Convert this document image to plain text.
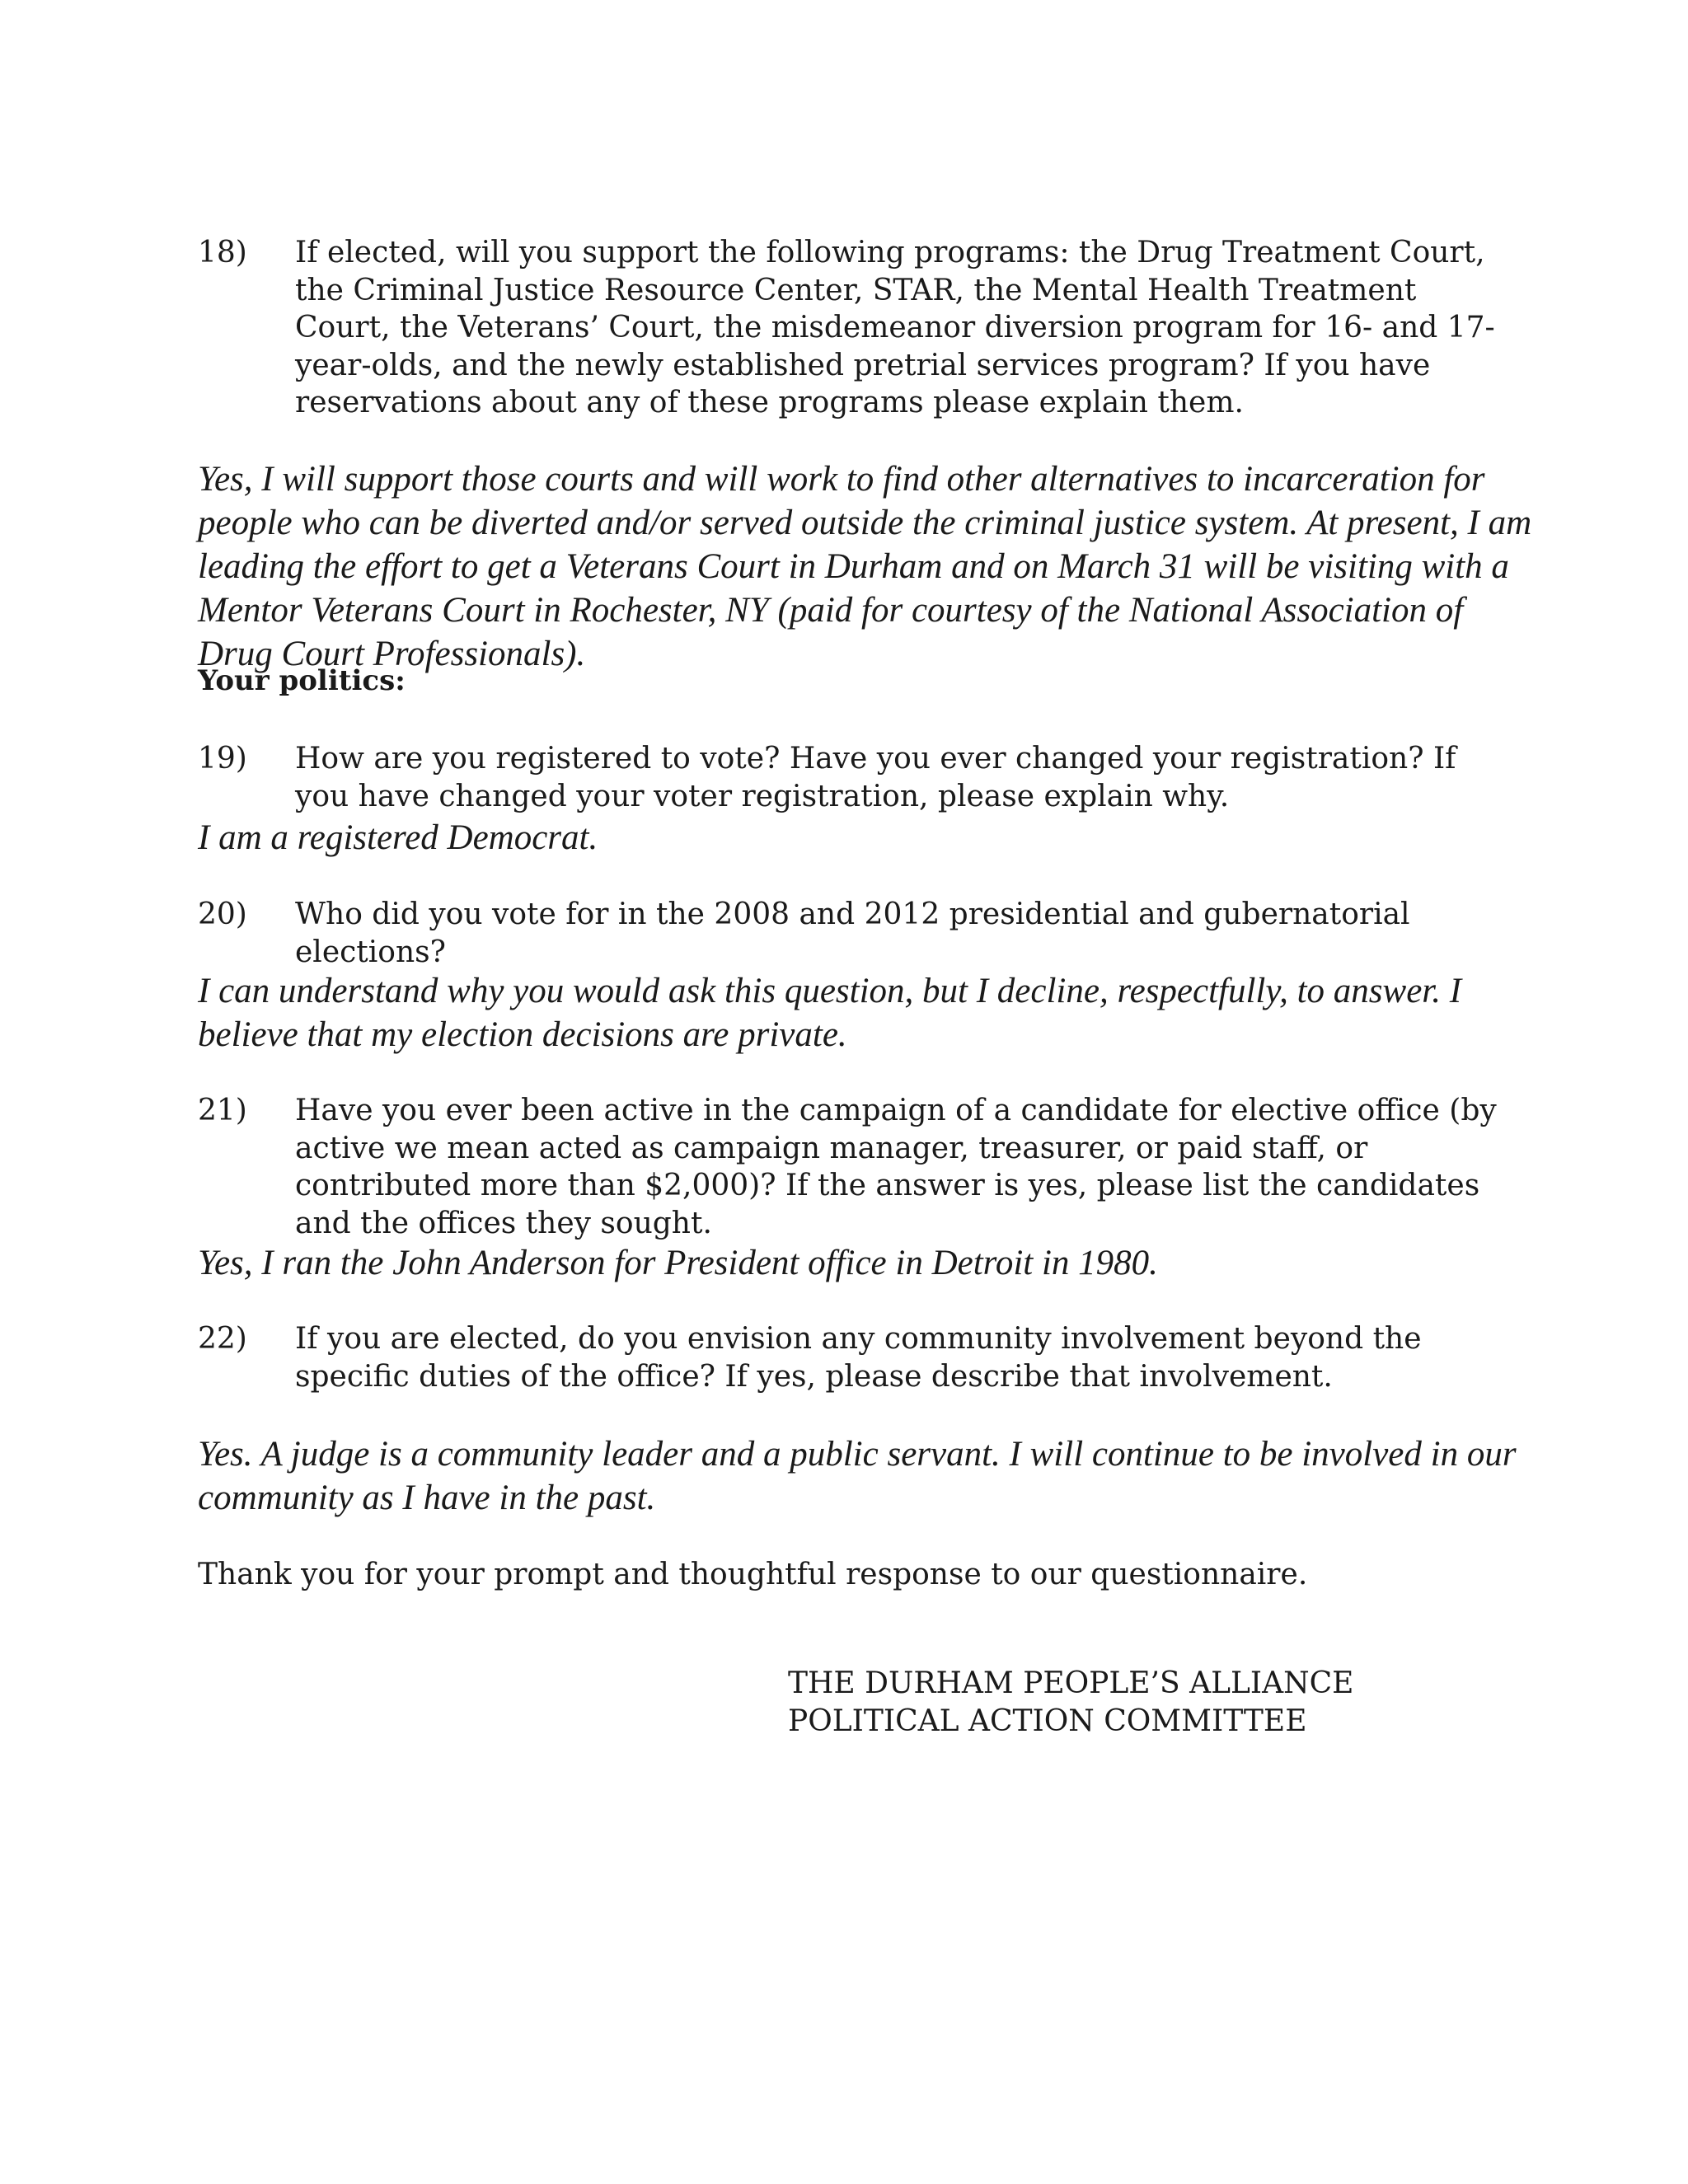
18) If elected, will you support the following programs: the Drug Treatment Court, the Criminal Justice Resource Center, STAR, the Mental Health Treatment Court, the Veterans’ Court, the misdemeanor diversion program for 16- and 17- year-olds, and the newly established pretrial services program? If you have reservations about any of these programs please explain them.
Yes, I will support those courts and will work to find other alternatives to incarceration for people who can be diverted and/or served outside the criminal justice system. At present, I am leading the effort to get a Veterans Court in Durham and on March 31 will be visiting with a Mentor Veterans Court in Rochester, NY (paid for courtesy of the National Association of Drug Court Professionals).
Your politics:
19) How are you registered to vote? Have you ever changed your registration? If you have changed your voter registration, please explain why.
I am a registered Democrat.
20) Who did you vote for in the 2008 and 2012 presidential and gubernatorial elections?
I can understand why you would ask this question, but I decline, respectfully, to answer. I believe that my election decisions are private.
21) Have you ever been active in the campaign of a candidate for elective office (by active we mean acted as campaign manager, treasurer, or paid staff, or contributed more than $2,000)? If the answer is yes, please list the candidates and the offices they sought.
Yes, I ran the John Anderson for President office in Detroit in 1980.
22) If you are elected, do you envision any community involvement beyond the specific duties of the office? If yes, please describe that involvement.
Yes. A judge is a community leader and a public servant. I will continue to be involved in our community as I have in the past.
Thank you for your prompt and thoughtful response to our questionnaire.
THE DURHAM PEOPLE’S ALLIANCE
POLITICAL ACTION COMMITTEE
